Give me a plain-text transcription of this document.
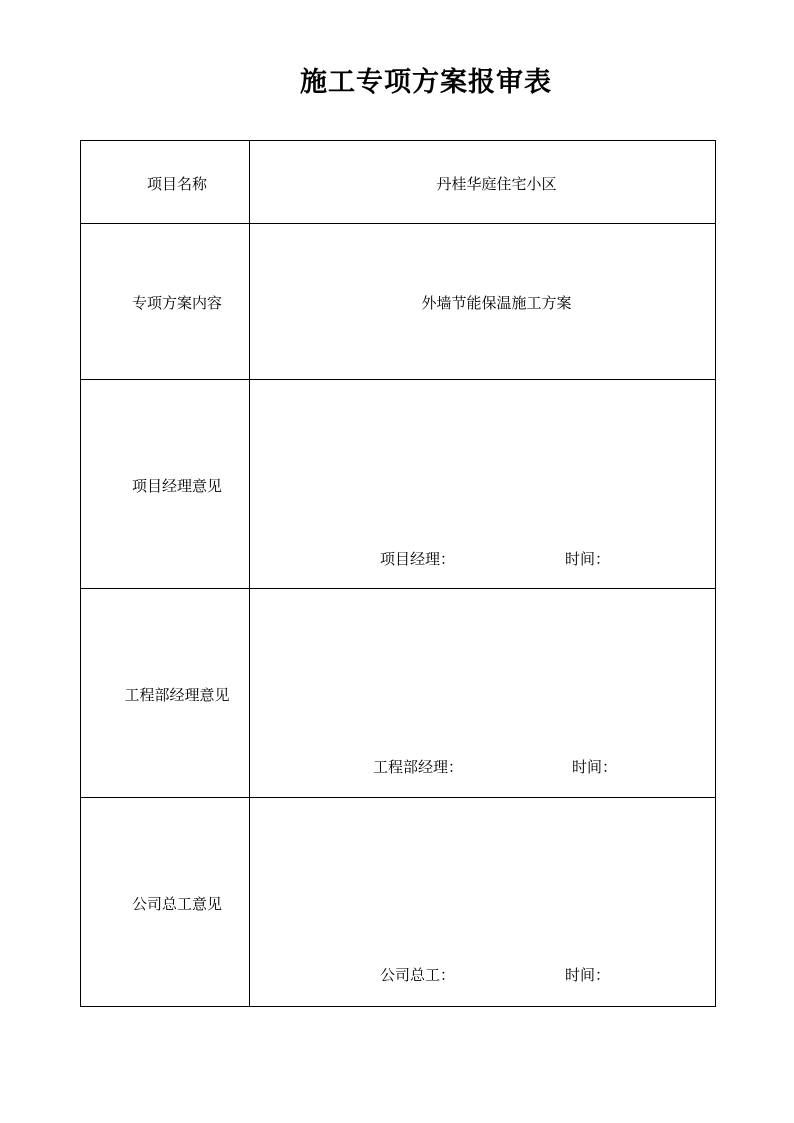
施工专项方案报审表
项目名称	丹桂华庭住宅小区

专项方案内容	外墙节能保温施工方案

项目经理意见	项目经理： 时间：

工程部经理意见	工程部经理： 时间：

公司总工意见	公司总工： 时间：
